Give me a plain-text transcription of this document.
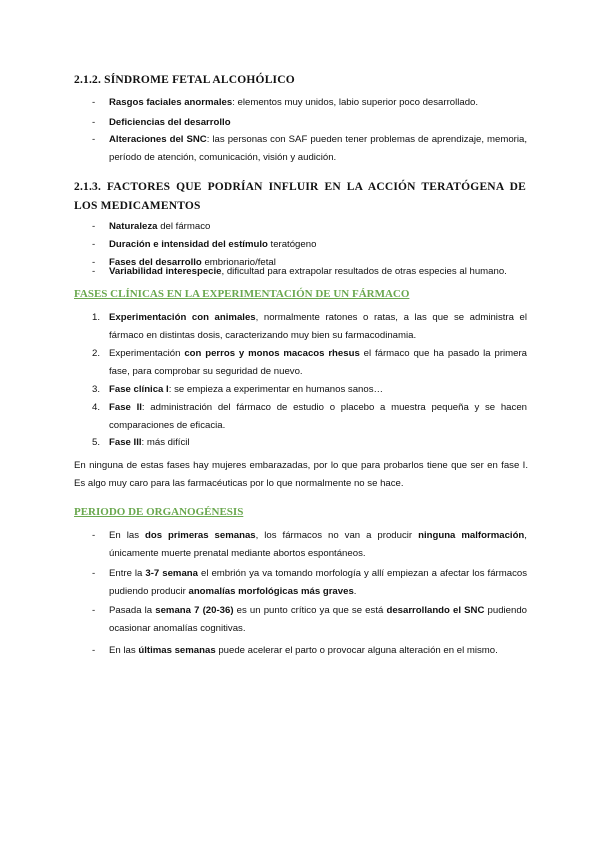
2.1.2. SÍNDROME FETAL ALCOHÓLICO
- Rasgos faciales anormales: elementos muy unidos, labio superior poco desarrollado.
- Deficiencias del desarrollo
- Alteraciones del SNC: las personas con SAF pueden tener problemas de aprendizaje, memoria, período de atención, comunicación, visión y audición.
2.1.3. FACTORES QUE PODRÍAN INFLUIR EN LA ACCIÓN TERATÓGENA DE LOS MEDICAMENTOS
- Naturaleza del fármaco
- Duración e intensidad del estímulo teratógeno
- Fases del desarrollo embrionario/fetal
- Variabilidad interespecie, dificultad para extrapolar resultados de otras especies al humano.
FASES CLÍNICAS EN LA EXPERIMENTACIÓN DE UN FÁRMACO
1. Experimentación con animales, normalmente ratones o ratas, a las que se administra el fármaco en distintas dosis, caracterizando muy bien su farmacodinamia.
2. Experimentación con perros y monos macacos rhesus el fármaco que ha pasado la primera fase, para comprobar su seguridad de nuevo.
3. Fase clínica I: se empieza a experimentar en humanos sanos…
4. Fase II: administración del fármaco de estudio o placebo a muestra pequeña y se hacen comparaciones de eficacia.
5. Fase III: más difícil
En ninguna de estas fases hay mujeres embarazadas, por lo que para probarlos tiene que ser en fase I. Es algo muy caro para las farmacéuticas por lo que normalmente no se hace.
PERIODO DE ORGANOGÉNESIS
- En las dos primeras semanas, los fármacos no van a producir ninguna malformación, únicamente muerte prenatal mediante abortos espontáneos.
- Entre la 3-7 semana el embrión ya va tomando morfología y allí empiezan a afectar los fármacos pudiendo producir anomalías morfológicas más graves.
- Pasada la semana 7 (20-36) es un punto crítico ya que se está desarrollando el SNC pudiendo ocasionar anomalías cognitivas.
- En las últimas semanas puede acelerar el parto o provocar alguna alteración en el mismo.
